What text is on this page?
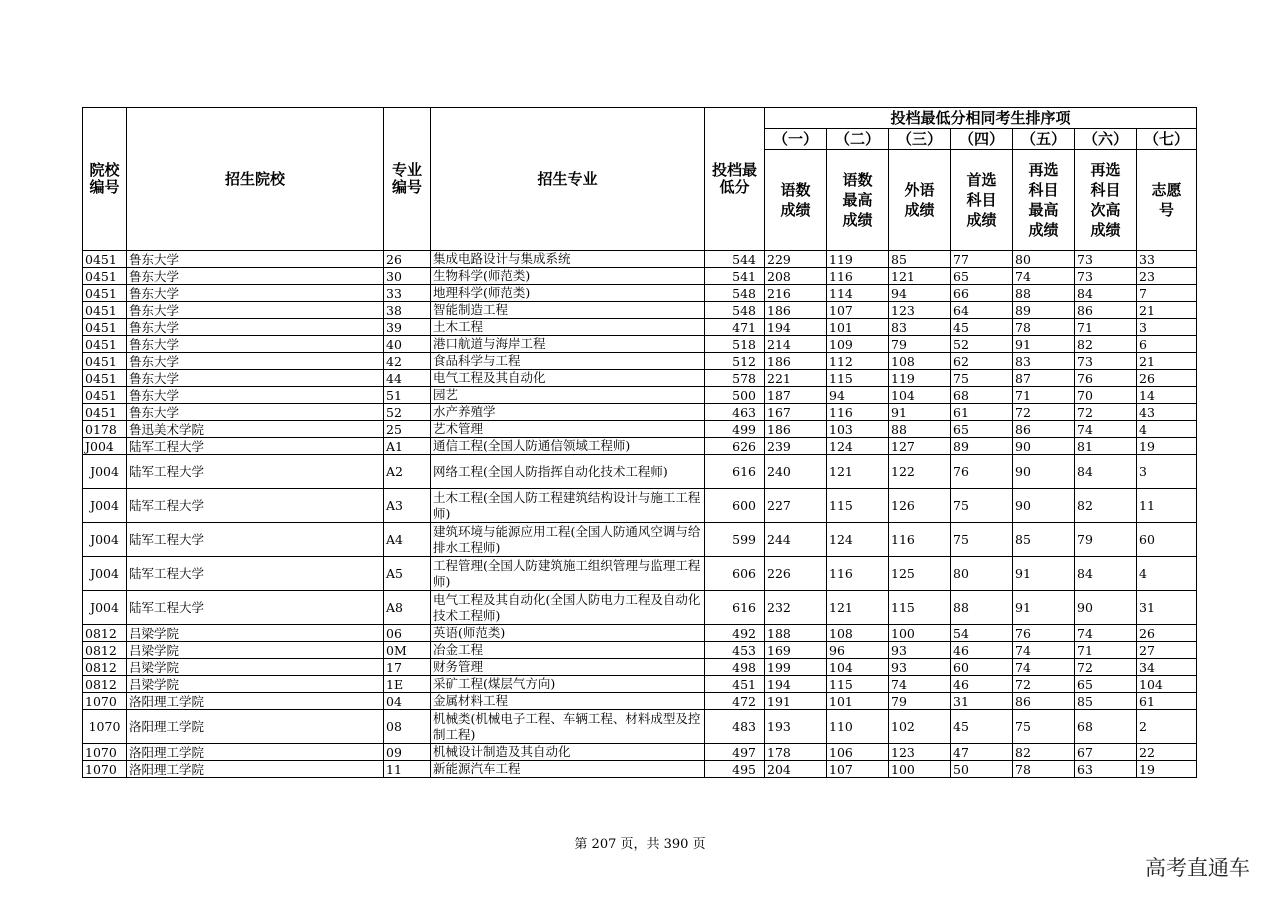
院校编号	招生院校	专业编号	招生专业	投档最低分	投档最低分相同考生排序项						
					（一）	（二）	（三）	（四）	（五）	（六）	（七）
					语数成绩	语数最高成绩	外语成绩	首选科目成绩	再选科目最高成绩	再选科目次高成绩	志愿号
0451	鲁东大学	26	集成电路设计与集成系统	544	229	119	85	77	80	73	33
0451	鲁东大学	30	生物科学(师范类)	541	208	116	121	65	74	73	23
0451	鲁东大学	33	地理科学(师范类)	548	216	114	94	66	88	84	7
0451	鲁东大学	38	智能制造工程	548	186	107	123	64	89	86	21
0451	鲁东大学	39	土木工程	471	194	101	83	45	78	71	3
0451	鲁东大学	40	港口航道与海岸工程	518	214	109	79	52	91	82	6
0451	鲁东大学	42	食品科学与工程	512	186	112	108	62	83	73	21
0451	鲁东大学	44	电气工程及其自动化	578	221	115	119	75	87	76	26
0451	鲁东大学	51	园艺	500	187	94	104	68	71	70	14
0451	鲁东大学	52	水产养殖学	463	167	116	91	61	72	72	43
0178	鲁迅美术学院	25	艺术管理	499	186	103	88	65	86	74	4
J004	陆军工程大学	A1	通信工程(全国人防通信领域工程师)	626	239	124	127	89	90	81	19
J004	陆军工程大学	A2	网络工程(全国人防指挥自动化技术工程师)	616	240	121	122	76	90	84	3
J004	陆军工程大学	A3	土木工程(全国人防工程建筑结构设计与施工工程师)	600	227	115	126	75	90	82	11
J004	陆军工程大学	A4	建筑环境与能源应用工程(全国人防通风空调与给排水工程师)	599	244	124	116	75	85	79	60
J004	陆军工程大学	A5	工程管理(全国人防建筑施工组织管理与监理工程师)	606	226	116	125	80	91	84	4
J004	陆军工程大学	A8	电气工程及其自动化(全国人防电力工程及自动化技术工程师)	616	232	121	115	88	91	90	31
0812	吕梁学院	06	英语(师范类)	492	188	108	100	54	76	74	26
0812	吕梁学院	0M	冶金工程	453	169	96	93	46	74	71	27
0812	吕梁学院	17	财务管理	498	199	104	93	60	74	72	34
0812	吕梁学院	1E	采矿工程(煤层气方向)	451	194	115	74	46	72	65	104
1070	洛阳理工学院	04	金属材料工程	472	191	101	79	31	86	85	61
1070	洛阳理工学院	08	机械类(机械电子工程、车辆工程、材料成型及控制工程)	483	193	110	102	45	75	68	2
1070	洛阳理工学院	09	机械设计制造及其自动化	497	178	106	123	47	82	67	22
1070	洛阳理工学院	11	新能源汽车工程	495	204	107	100	50	78	63	19
第 207 页，共 390 页
高考直通车
